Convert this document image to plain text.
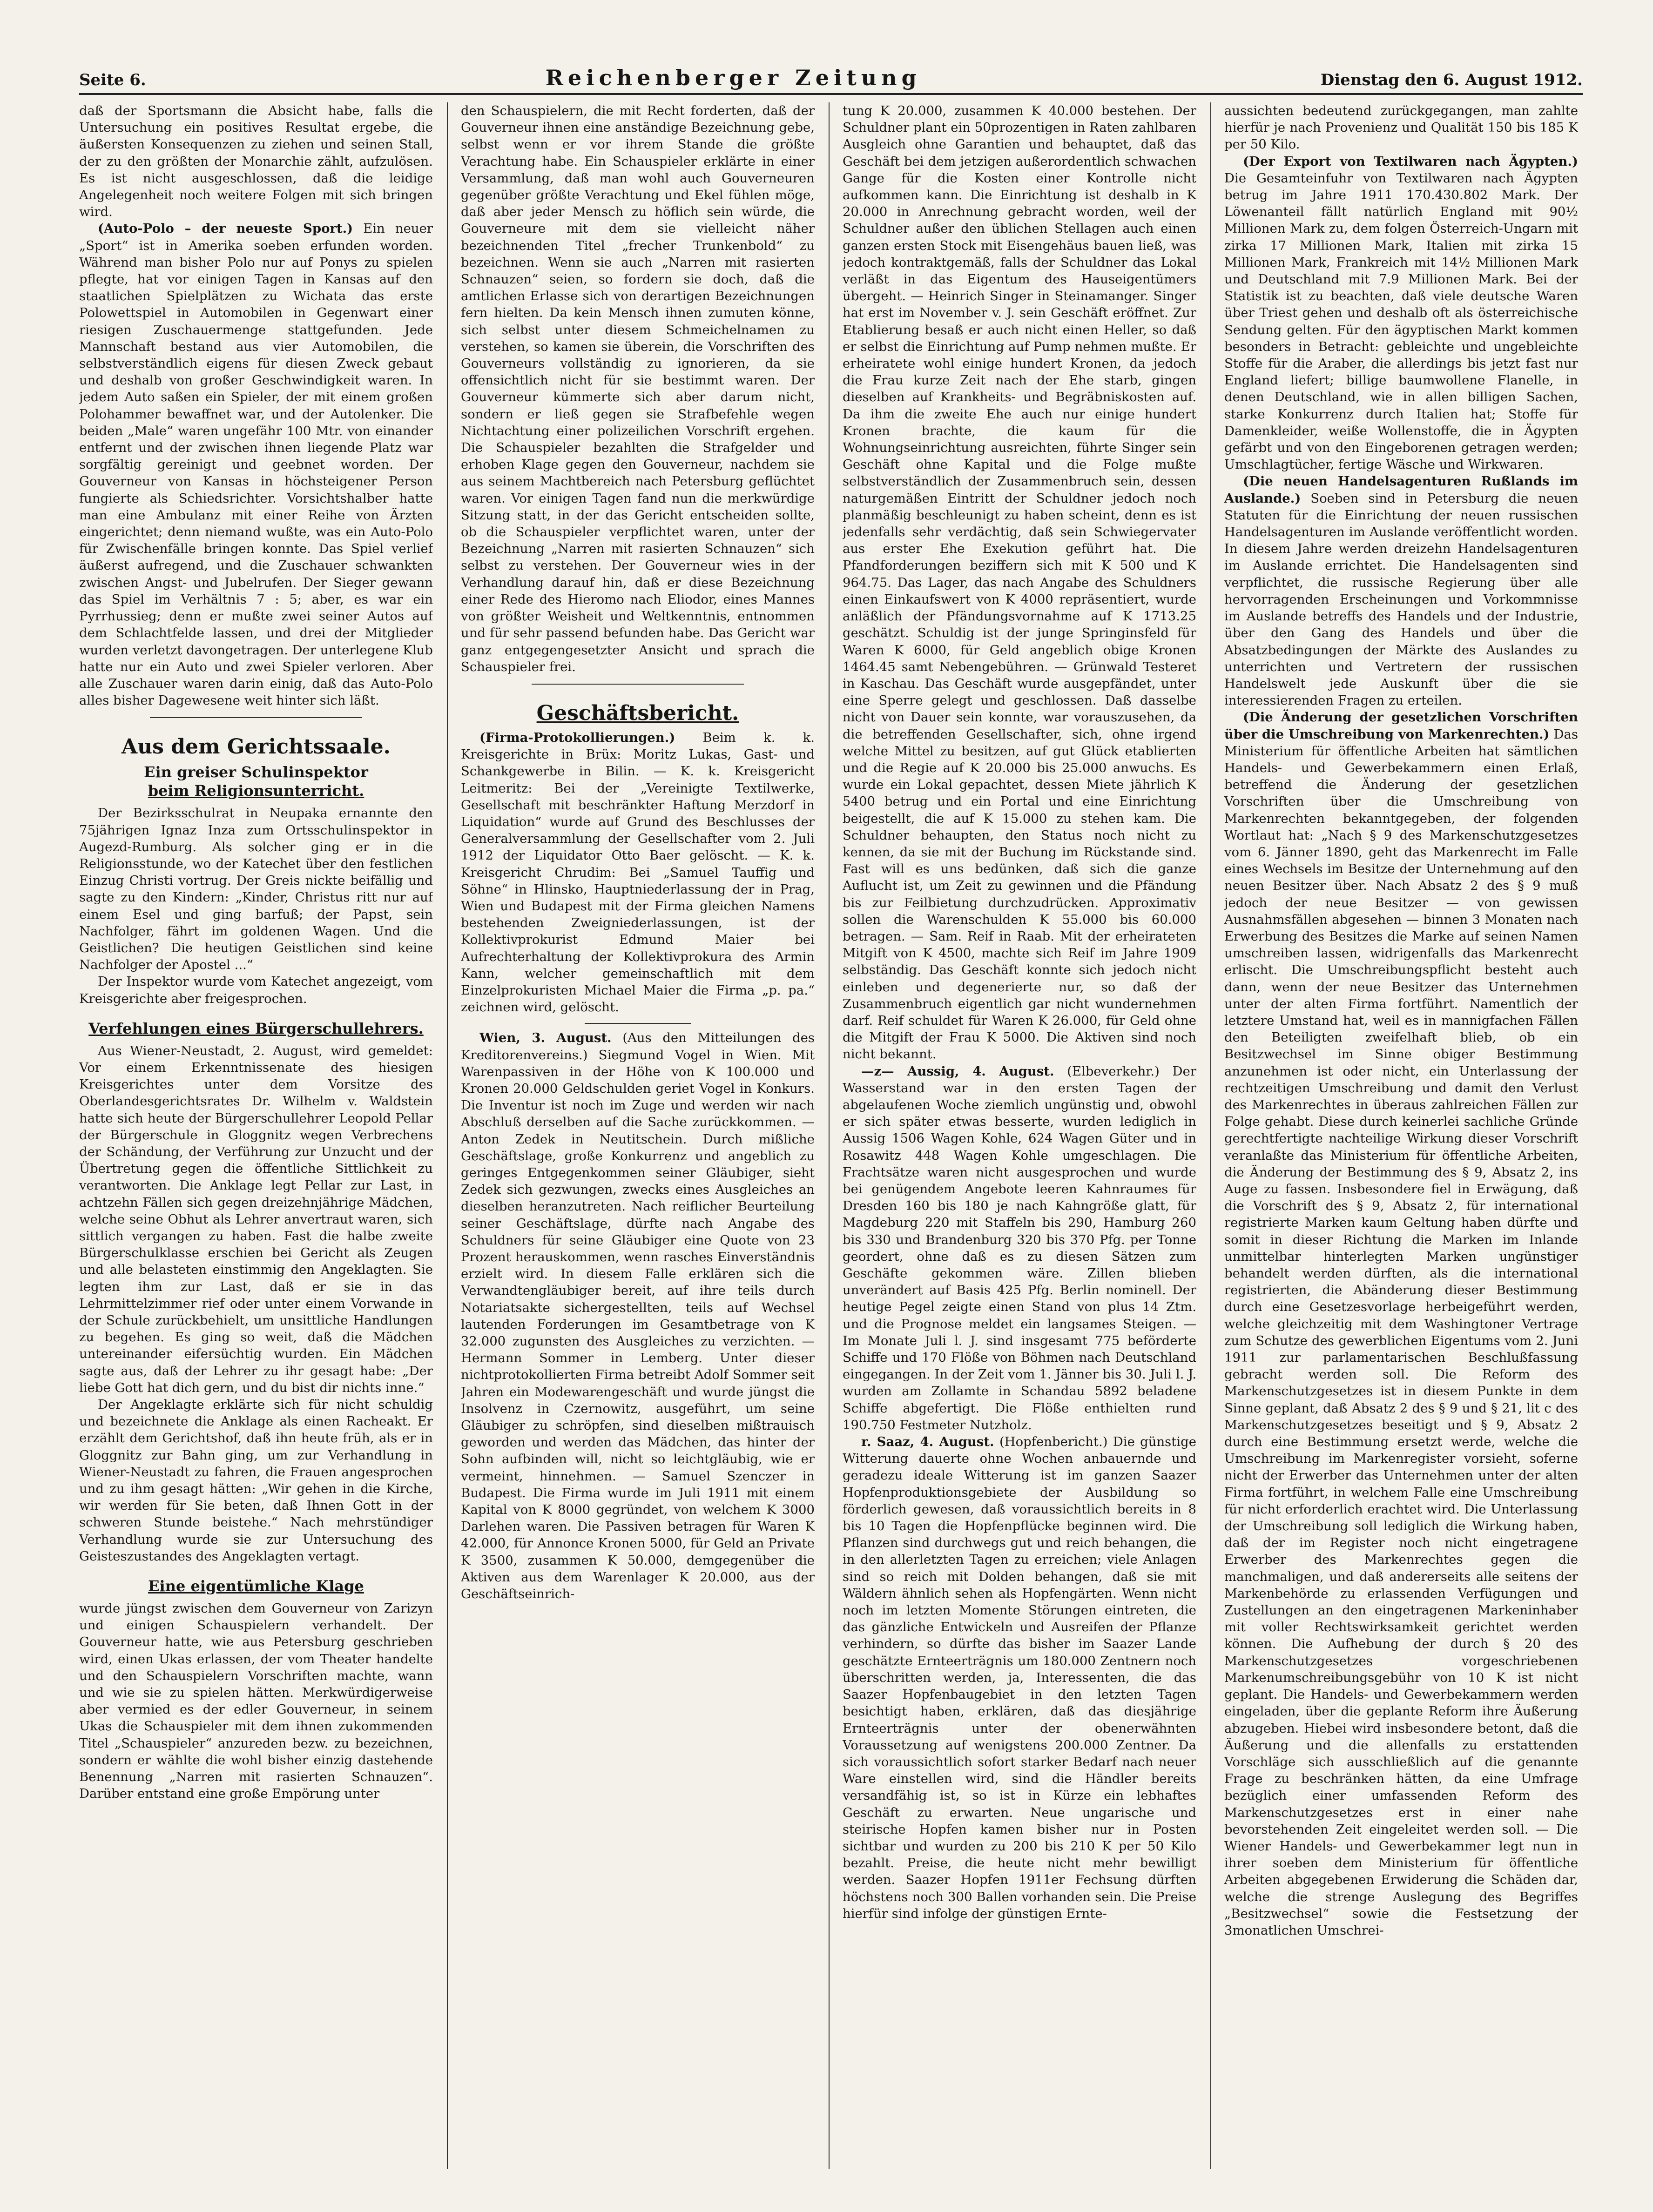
Seite 6.	Reichenberger Zeitung	Dienstag den 6. August 1912.

daß der Sportsmann die Absicht habe, falls die Untersuchung ein positives Resultat ergebe, die äußersten Konsequenzen zu ziehen und seinen Stall, der zu den größten der Monarchie zählt, aufzulösen. Es ist nicht ausgeschlossen, daß die leidige Angelegenheit noch weitere Folgen mit sich bringen wird.

(Auto-Polo – der neueste Sport.) Ein neuer „Sport“ ist in Amerika soeben erfunden worden. Während man bisher Polo nur auf Ponys zu spielen pflegte, hat vor einigen Tagen in Kansas auf den staatlichen Spielplätzen zu Wichata das erste Polowettspiel in Automobilen in Gegenwart einer riesigen Zuschauermenge stattgefunden. Jede Mannschaft bestand aus vier Automobilen, die selbstverständlich eigens für diesen Zweck gebaut und deshalb von großer Geschwindigkeit waren. In jedem Auto saßen ein Spieler, der mit einem großen Polohammer bewaffnet war, und der Autolenker. Die beiden „Male“ waren ungefähr 100 Mtr. von einander entfernt und der zwischen ihnen liegende Platz war sorgfältig gereinigt und geebnet worden. Der Gouverneur von Kansas in höchsteigener Person fungierte als Schiedsrichter. Vorsichtshalber hatte man eine Ambulanz mit einer Reihe von Ärzten eingerichtet; denn niemand wußte, was ein Auto-Polo für Zwischenfälle bringen konnte. Das Spiel verlief äußerst aufregend, und die Zuschauer schwankten zwischen Angst- und Jubelrufen. Der Sieger gewann das Spiel im Verhältnis 7 : 5; aber, es war ein Pyrrhussieg; denn er mußte zwei seiner Autos auf dem Schlachtfelde lassen, und drei der Mitglieder wurden verletzt davongetragen. Der unterlegene Klub hatte nur ein Auto und zwei Spieler verloren. Aber alle Zuschauer waren darin einig, daß das Auto-Polo alles bisher Dagewesene weit hinter sich läßt.

Aus dem Gerichtssaale.
Ein greiser Schulinspektor
beim Religionsunterricht.

Der Bezirksschulrat in Neupaka ernannte den 75jährigen Ignaz Inza zum Ortsschulinspektor in Augezd-Rumburg. Als solcher ging er in die Religionsstunde, wo der Katechet über den festlichen Einzug Christi vortrug. Der Greis nickte beifällig und sagte zu den Kindern: „Kinder, Christus ritt nur auf einem Esel und ging barfuß; der Papst, sein Nachfolger, fährt im goldenen Wagen. Und die Geistlichen? Die heutigen Geistlichen sind keine Nachfolger der Apostel ...“

Der Inspektor wurde vom Katechet angezeigt, vom Kreisgerichte aber freigesprochen.

Verfehlungen eines Bürgerschullehrers.

Aus Wiener-Neustadt, 2. August, wird gemeldet: Vor einem Erkenntnissenate des hiesigen Kreisgerichtes unter dem Vorsitze des Oberlandesgerichtsrates Dr. Wilhelm v. Waldstein hatte sich heute der Bürgerschullehrer Leopold Pellar der Bürgerschule in Gloggnitz wegen Verbrechens der Schändung, der Verführung zur Unzucht und der Übertretung gegen die öffentliche Sittlichkeit zu verantworten. Die Anklage legt Pellar zur Last, in achtzehn Fällen sich gegen dreizehnjährige Mädchen, welche seine Obhut als Lehrer anvertraut waren, sich sittlich vergangen zu haben. Fast die halbe zweite Bürgerschulklasse erschien bei Gericht als Zeugen und alle belasteten einstimmig den Angeklagten. Sie legten ihm zur Last, daß er sie in das Lehrmittelzimmer rief oder unter einem Vorwande in der Schule zurückbehielt, um unsittliche Handlungen zu begehen. Es ging so weit, daß die Mädchen untereinander eifersüchtig wurden. Ein Mädchen sagte aus, daß der Lehrer zu ihr gesagt habe: „Der liebe Gott hat dich gern, und du bist dir nichts inne.“

Der Angeklagte erklärte sich für nicht schuldig und bezeichnete die Anklage als einen Racheakt. Er erzählt dem Gerichtshof, daß ihn heute früh, als er in Gloggnitz zur Bahn ging, um zur Verhandlung in Wiener-Neustadt zu fahren, die Frauen angesprochen und zu ihm gesagt hätten: „Wir gehen in die Kirche, wir werden für Sie beten, daß Ihnen Gott in der schweren Stunde beistehe.“ Nach mehrstündiger Verhandlung wurde sie zur Untersuchung des Geisteszustandes des Angeklagten vertagt.

Eine eigentümliche Klage

wurde jüngst zwischen dem Gouverneur von Zarizyn und einigen Schauspielern verhandelt. Der Gouverneur hatte, wie aus Petersburg geschrieben wird, einen Ukas erlassen, der vom Theater handelte und den Schauspielern Vorschriften machte, wann und wie sie zu spielen hätten. Merkwürdigerweise aber vermied es der edler Gouverneur, in seinem Ukas die Schauspieler mit dem ihnen zukommenden Titel „Schauspieler“ anzureden bezw. zu bezeichnen, sondern er wählte die wohl bisher einzig dastehende Benennung „Narren mit rasierten Schnauzen“. Darüber entstand eine große Empörung unter

den Schauspielern, die mit Recht forderten, daß der Gouverneur ihnen eine anständige Bezeichnung gebe, selbst wenn er vor ihrem Stande die größte Verachtung habe. Ein Schauspieler erklärte in einer Versammlung, daß man wohl auch Gouverneuren gegenüber größte Verachtung und Ekel fühlen möge, daß aber jeder Mensch zu höflich sein würde, die Gouverneure mit dem sie vielleicht näher bezeichnenden Titel „frecher Trunkenbold“ zu bezeichnen. Wenn sie auch „Narren mit rasierten Schnauzen“ seien, so fordern sie doch, daß die amtlichen Erlasse sich von derartigen Bezeichnungen fern hielten. Da kein Mensch ihnen zumuten könne, sich selbst unter diesem Schmeichelnamen zu verstehen, so kamen sie überein, die Vorschriften des Gouverneurs vollständig zu ignorieren, da sie offensichtlich nicht für sie bestimmt waren. Der Gouverneur kümmerte sich aber darum nicht, sondern er ließ gegen sie Strafbefehle wegen Nichtachtung einer polizeilichen Vorschrift ergehen. Die Schauspieler bezahlten die Strafgelder und erhoben Klage gegen den Gouverneur, nachdem sie aus seinem Machtbereich nach Petersburg geflüchtet waren. Vor einigen Tagen fand nun die merkwürdige Sitzung statt, in der das Gericht entscheiden sollte, ob die Schauspieler verpflichtet waren, unter der Bezeichnung „Narren mit rasierten Schnauzen“ sich selbst zu verstehen. Der Gouverneur wies in der Verhandlung darauf hin, daß er diese Bezeichnung einer Rede des Hieromo nach Eliodor, eines Mannes von größter Weisheit und Weltkenntnis, entnommen und für sehr passend befunden habe. Das Gericht war ganz entgegengesetzter Ansicht und sprach die Schauspieler frei.

Geschäftsbericht.

(Firma-Protokollierungen.) Beim k. k. Kreisgerichte in Brüx: Moritz Lukas, Gast- und Schankgewerbe in Bilin. — K. k. Kreisgericht Leitmeritz: Bei der „Vereinigte Textilwerke, Gesellschaft mit beschränkter Haftung Merzdorf in Liquidation“ wurde auf Grund des Beschlusses der Generalversammlung der Gesellschafter vom 2. Juli 1912 der Liquidator Otto Baer gelöscht. — K. k. Kreisgericht Chrudim: Bei „Samuel Tauffig und Söhne“ in Hlinsko, Hauptniederlassung der in Prag, Wien und Budapest mit der Firma gleichen Namens bestehenden Zweigniederlassungen, ist der Kollektivprokurist Edmund Maier bei Aufrechterhaltung der Kollektivprokura des Armin Kann, welcher gemeinschaftlich mit dem Einzelprokuristen Michael Maier die Firma „p. pa.“ zeichnen wird, gelöscht.

Wien, 3. August. (Aus den Mitteilungen des Kreditorenvereins.) Siegmund Vogel in Wien. Mit Warenpassiven in der Höhe von K 100.000 und Kronen 20.000 Geldschulden geriet Vogel in Konkurs. Die Inventur ist noch im Zuge und werden wir nach Abschluß derselben auf die Sache zurückkommen. — Anton Zedek in Neutitschein. Durch mißliche Geschäftslage, große Konkurrenz und angeblich zu geringes Entgegenkommen seiner Gläubiger, sieht Zedek sich gezwungen, zwecks eines Ausgleiches an dieselben heranzutreten. Nach reiflicher Beurteilung seiner Geschäftslage, dürfte nach Angabe des Schuldners für seine Gläubiger eine Quote von 23 Prozent herauskommen, wenn rasches Einverständnis erzielt wird. In diesem Falle erklären sich die Verwandtengläubiger bereit, auf ihre teils durch Notariatsakte sichergestellten, teils auf Wechsel lautenden Forderungen im Gesamtbetrage von K 32.000 zugunsten des Ausgleiches zu verzichten. — Hermann Sommer in Lemberg. Unter dieser nichtprotokollierten Firma betreibt Adolf Sommer seit Jahren ein Modewarengeschäft und wurde jüngst die Insolvenz in Czernowitz, ausgeführt, um seine Gläubiger zu schröpfen, sind dieselben mißtrauisch geworden und werden das Mädchen, das hinter der Sohn aufbinden will, nicht so leichtgläubig, wie er vermeint, hinnehmen. — Samuel Szenczer in Budapest. Die Firma wurde im Juli 1911 mit einem Kapital von K 8000 gegründet, von welchem K 3000 Darlehen waren. Die Passiven betragen für Waren K 42.000, für Annonce Kronen 5000, für Geld an Private K 3500, zusammen K 50.000, demgegenüber die Aktiven aus dem Warenlager K 20.000, aus der Geschäftseinrich-

tung K 20.000, zusammen K 40.000 bestehen. Der Schuldner plant ein 50prozentigen in Raten zahlbaren Ausgleich ohne Garantien und behauptet, daß das Geschäft bei dem jetzigen außerordentlich schwachen Gange für die Kosten einer Kontrolle nicht aufkommen kann. Die Einrichtung ist deshalb in K 20.000 in Anrechnung gebracht worden, weil der Schuldner außer den üblichen Stellagen auch einen ganzen ersten Stock mit Eisengehäus bauen ließ, was jedoch kontraktgemäß, falls der Schuldner das Lokal verläßt in das Eigentum des Hauseigentümers übergeht. — Heinrich Singer in Steinamanger. Singer hat erst im November v. J. sein Geschäft eröffnet. Zur Etablierung besaß er auch nicht einen Heller, so daß er selbst die Einrichtung auf Pump nehmen mußte. Er erheiratete wohl einige hundert Kronen, da jedoch die Frau kurze Zeit nach der Ehe starb, gingen dieselben auf Krankheits- und Begräbniskosten auf. Da ihm die zweite Ehe auch nur einige hundert Kronen brachte, die kaum für die Wohnungseinrichtung ausreichten, führte Singer sein Geschäft ohne Kapital und die Folge mußte selbstverständlich der Zusammenbruch sein, dessen naturgemäßen Eintritt der Schuldner jedoch noch planmäßig beschleunigt zu haben scheint, denn es ist jedenfalls sehr verdächtig, daß sein Schwiegervater aus erster Ehe Exekution geführt hat. Die Pfandforderungen beziffern sich mit K 500 und K 964.75. Das Lager, das nach Angabe des Schuldners einen Einkaufswert von K 4000 repräsentiert, wurde anläßlich der Pfändungsvornahme auf K 1713.25 geschätzt. Schuldig ist der junge Springinsfeld für Waren K 6000, für Geld angeblich obige Kronen 1464.45 samt Nebengebühren. — Grünwald Testeret in Kaschau. Das Geschäft wurde ausgepfändet, unter eine Sperre gelegt und geschlossen. Daß dasselbe nicht von Dauer sein konnte, war vorauszusehen, da die betreffenden Gesellschafter, sich, ohne irgend welche Mittel zu besitzen, auf gut Glück etablierten und die Regie auf K 20.000 bis 25.000 anwuchs. Es wurde ein Lokal gepachtet, dessen Miete jährlich K 5400 betrug und ein Portal und eine Einrichtung beigestellt, die auf K 15.000 zu stehen kam. Die Schuldner behaupten, den Status noch nicht zu kennen, da sie mit der Buchung im Rückstande sind. Fast will es uns bedünken, daß sich die ganze Auflucht ist, um Zeit zu gewinnen und die Pfändung bis zur Feilbietung durchzudrücken. Approximativ sollen die Warenschulden K 55.000 bis 60.000 betragen. — Sam. Reif in Raab. Mit der erheirateten Mitgift von K 4500, machte sich Reif im Jahre 1909 selbständig. Das Geschäft konnte sich jedoch nicht einleben und degenerierte nur, so daß der Zusammenbruch eigentlich gar nicht wundernehmen darf. Reif schuldet für Waren K 26.000, für Geld ohne die Mitgift der Frau K 5000. Die Aktiven sind noch nicht bekannt.

—z— Aussig, 4. August. (Elbeverkehr.) Der Wasserstand war in den ersten Tagen der abgelaufenen Woche ziemlich ungünstig und, obwohl er sich später etwas besserte, wurden lediglich in Aussig 1506 Wagen Kohle, 624 Wagen Güter und in Rosawitz 448 Wagen Kohle umgeschlagen. Die Frachtsätze waren nicht ausgesprochen und wurde bei genügendem Angebote leeren Kahnraumes für Dresden 160 bis 180 je nach Kahngröße glatt, für Magdeburg 220 mit Staffeln bis 290, Hamburg 260 bis 330 und Brandenburg 320 bis 370 Pfg. per Tonne geordert, ohne daß es zu diesen Sätzen zum Geschäfte gekommen wäre. Zillen blieben unverändert auf Basis 425 Pfg. Berlin nominell. Der heutige Pegel zeigte einen Stand von plus 14 Ztm. und die Prognose meldet ein langsames Steigen. — Im Monate Juli l. J. sind insgesamt 775 beförderte Schiffe und 170 Flöße von Böhmen nach Deutschland eingegangen. In der Zeit vom 1. Jänner bis 30. Juli l. J. wurden am Zollamte in Schandau 5892 beladene Schiffe abgefertigt. Die Flöße enthielten rund 190.750 Festmeter Nutzholz.

r. Saaz, 4. August. (Hopfenbericht.) Die günstige Witterung dauerte ohne Wochen anbauernde und geradezu ideale Witterung ist im ganzen Saazer Hopfenproduktionsgebiete der Ausbildung so förderlich gewesen, daß voraussichtlich bereits in 8 bis 10 Tagen die Hopfenpflücke beginnen wird. Die Pflanzen sind durchwegs gut und reich behangen, die in den allerletzten Tagen zu erreichen; viele Anlagen sind so reich mit Dolden behangen, daß sie mit Wäldern ähnlich sehen als Hopfengärten. Wenn nicht noch im letzten Momente Störungen eintreten, die das gänzliche Entwickeln und Ausreifen der Pflanze verhindern, so dürfte das bisher im Saazer Lande geschätzte Ernteerträgnis um 180.000 Zentnern noch überschritten werden, ja, Interessenten, die das Saazer Hopfenbaugebiet in den letzten Tagen besichtigt haben, erklären, daß das diesjährige Ernteerträgnis unter der obenerwähnten Voraussetzung auf wenigstens 200.000 Zentner. Da sich voraussichtlich sofort starker Bedarf nach neuer Ware einstellen wird, sind die Händler bereits versandfähig ist, so ist in Kürze ein lebhaftes Geschäft zu erwarten. Neue ungarische und steirische Hopfen kamen bisher nur in Posten sichtbar und wurden zu 200 bis 210 K per 50 Kilo bezahlt. Preise, die heute nicht mehr bewilligt werden. Saazer Hopfen 1911er Fechsung dürften höchstens noch 300 Ballen vorhanden sein. Die Preise hierfür sind infolge der günstigen Ernte-

aussichten bedeutend zurückgegangen, man zahlte hierfür je nach Provenienz und Qualität 150 bis 185 K per 50 Kilo.

(Der Export von Textilwaren nach Ägypten.) Die Gesamteinfuhr von Textilwaren nach Ägypten betrug im Jahre 1911 170.430.802 Mark. Der Löwenanteil fällt natürlich England mit 90½ Millionen Mark zu, dem folgen Österreich-Ungarn mit zirka 17 Millionen Mark, Italien mit zirka 15 Millionen Mark, Frankreich mit 14½ Millionen Mark und Deutschland mit 7.9 Millionen Mark. Bei der Statistik ist zu beachten, daß viele deutsche Waren über Triest gehen und deshalb oft als österreichische Sendung gelten. Für den ägyptischen Markt kommen besonders in Betracht: gebleichte und ungebleichte Stoffe für die Araber, die allerdings bis jetzt fast nur England liefert; billige baumwollene Flanelle, in denen Deutschland, wie in allen billigen Sachen, starke Konkurrenz durch Italien hat; Stoffe für Damenkleider, weiße Wollenstoffe, die in Ägypten gefärbt und von den Eingeborenen getragen werden; Umschlagtücher, fertige Wäsche und Wirkwaren.

(Die neuen Handelsagenturen Rußlands im Auslande.) Soeben sind in Petersburg die neuen Statuten für die Einrichtung der neuen russischen Handelsagenturen im Auslande veröffentlicht worden. In diesem Jahre werden dreizehn Handelsagenturen im Auslande errichtet. Die Handelsagenten sind verpflichtet, die russische Regierung über alle hervorragenden Erscheinungen und Vorkommnisse im Auslande betreffs des Handels und der Industrie, über den Gang des Handels und über die Absatzbedingungen der Märkte des Auslandes zu unterrichten und Vertretern der russischen Handelswelt jede Auskunft über die sie interessierenden Fragen zu erteilen.

(Die Änderung der gesetzlichen Vorschriften über die Umschreibung von Markenrechten.) Das Ministerium für öffentliche Arbeiten hat sämtlichen Handels- und Gewerbekammern einen Erlaß, betreffend die Änderung der gesetzlichen Vorschriften über die Umschreibung von Markenrechten bekanntgegeben, der folgenden Wortlaut hat: „Nach § 9 des Markenschutzgesetzes vom 6. Jänner 1890, geht das Markenrecht im Falle eines Wechsels im Besitze der Unternehmung auf den neuen Besitzer über. Nach Absatz 2 des § 9 muß jedoch der neue Besitzer — von gewissen Ausnahmsfällen abgesehen — binnen 3 Monaten nach Erwerbung des Besitzes die Marke auf seinen Namen umschreiben lassen, widrigenfalls das Markenrecht erlischt. Die Umschreibungspflicht besteht auch dann, wenn der neue Besitzer das Unternehmen unter der alten Firma fortführt. Namentlich der letztere Umstand hat, weil es in mannigfachen Fällen den Beteiligten zweifelhaft blieb, ob ein Besitzwechsel im Sinne obiger Bestimmung anzunehmen ist oder nicht, ein Unterlassung der rechtzeitigen Umschreibung und damit den Verlust des Markenrechtes in überaus zahlreichen Fällen zur Folge gehabt. Diese durch keinerlei sachliche Gründe gerechtfertigte nachteilige Wirkung dieser Vorschrift veranlaßte das Ministerium für öffentliche Arbeiten, die Änderung der Bestimmung des § 9, Absatz 2, ins Auge zu fassen. Insbesondere fiel in Erwägung, daß die Vorschrift des § 9, Absatz 2, für international registrierte Marken kaum Geltung haben dürfte und somit in dieser Richtung die Marken im Inlande unmittelbar hinterlegten Marken ungünstiger behandelt werden dürften, als die international registrierten, die Abänderung dieser Bestimmung durch eine Gesetzesvorlage herbeigeführt werden, welche gleichzeitig mit dem Washingtoner Vertrage zum Schutze des gewerblichen Eigentums vom 2. Juni 1911 zur parlamentarischen Beschlußfassung gebracht werden soll. Die Reform des Markenschutzgesetzes ist in diesem Punkte in dem Sinne geplant, daß Absatz 2 des § 9 und § 21, lit c des Markenschutzgesetzes beseitigt und § 9, Absatz 2 durch eine Bestimmung ersetzt werde, welche die Umschreibung im Markenregister vorsieht, soferne nicht der Erwerber das Unternehmen unter der alten Firma fortführt, in welchem Falle eine Umschreibung für nicht erforderlich erachtet wird. Die Unterlassung der Umschreibung soll lediglich die Wirkung haben, daß der im Register noch nicht eingetragene Erwerber des Markenrechtes gegen die manchmaligen, und daß andererseits alle seitens der Markenbehörde zu erlassenden Verfügungen und Zustellungen an den eingetragenen Markeninhaber mit voller Rechtswirksamkeit gerichtet werden können. Die Aufhebung der durch § 20 des Markenschutzgesetzes vorgeschriebenen Markenumschreibungsgebühr von 10 K ist nicht geplant. Die Handels- und Gewerbekammern werden eingeladen, über die geplante Reform ihre Äußerung abzugeben. Hiebei wird insbesondere betont, daß die Äußerung und die allenfalls zu erstattenden Vorschläge sich ausschließlich auf die genannte Frage zu beschränken hätten, da eine Umfrage bezüglich einer umfassenden Reform des Markenschutzgesetzes erst in einer nahe bevorstehenden Zeit eingeleitet werden soll. — Die Wiener Handels- und Gewerbekammer legt nun in ihrer soeben dem Ministerium für öffentliche Arbeiten abgegebenen Erwiderung die Schäden dar, welche die strenge Auslegung des Begriffes „Besitzwechsel“ sowie die Festsetzung der 3monatlichen Umschrei-
